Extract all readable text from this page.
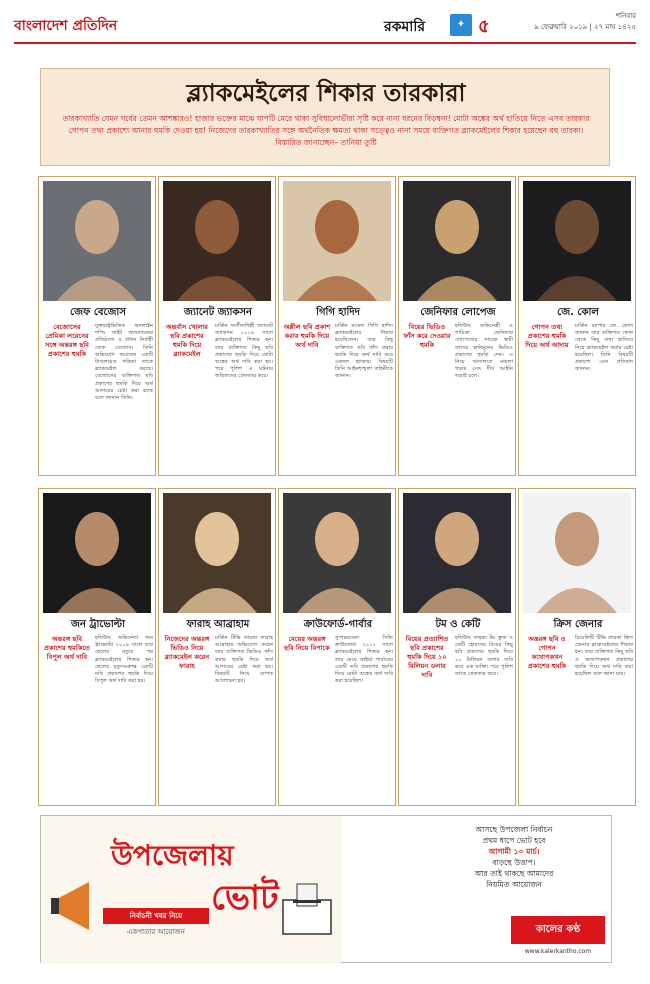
বাংলাদেশ প্রতিদিন	রকমারি	✦ ৫	শনিবার
৯ ফেব্রুয়ারি ২০১৯ | ২৭ মাঘ ১৪২৫
ব্ল্যাকমেইলের শিকার তারকারা
তারকাখ্যাতি যেমন গর্বের তেমন আশঙ্কারও! হাজার ভক্তের মাঝে ঘাপটি মেরে থাকা সুবিধালোভীরা সৃষ্টি করে নানা ধরনের বিড়ম্বনা! মোটা অঙ্কের অর্থ হাতিয়ে নিতে এসব তারকার গোপন তথ্য প্রকাশ্যে আনার হুমকি দেওয়া হয়! নিজেদের তারকাখ্যাতির সঙ্গে অর্থনৈতিক ক্ষমতা থাকা সত্ত্বেও নানা সময়ে ব্যক্তিগত ব্ল্যাকমেইলের শিকার হয়েছেন বহু তারকা। বিস্তারিত জানাচ্ছেন– তানিয়া তুষ্টি
জেফ বেজোস
বেজোসের প্রেমিকা লরেনের সঙ্গে অন্তরঙ্গ ছবি প্রকাশের হুমকি
যুক্তরাষ্ট্রভিত্তিক অনলাইন শপিং সাইট অ্যামাজনের প্রতিষ্ঠাতা ও প্রধান নির্বাহী জেফ বেজোস। তিনি অভিযোগ করেছেন একটি ট্যাবলয়েড পত্রিকা তাকে ব্ল্যাকমেইল করছে। বেজোসের ব্যক্তিগত ছবি প্রকাশের হুমকি দিয়ে অর্থ আদায়ের চেষ্টা করা হচ্ছে বলে জানান তিনি।
জ্যানেট জ্যাকসন
অন্তর্বাস খোলার ছবি প্রকাশের হুমকি দিয়ে ব্ল্যাকমেইল
মার্কিন সংগীতশিল্পী জ্যানেট জ্যাকসন ২০১৪ সালে ব্ল্যাকমেইলের শিকার হন। তার ব্যক্তিগত কিছু ছবি প্রকাশের হুমকি দিয়ে মোটা অঙ্কের অর্থ দাবি করা হয়। পরে পুলিশ এ ঘটনায় জড়িতদের গ্রেফতার করে।
গিগি হাদিদ
অশ্লীল ছবি প্রকাশ করার হুমকি দিয়ে অর্থ দাবি
মার্কিন মডেল গিগি হাদিদ ব্ল্যাকমেইলের শিকার হয়েছিলেন। তার কিছু ব্যক্তিগত ছবি ফাঁস করার হুমকি দিয়ে অর্থ দাবি করে একদল হ্যাকার। বিষয়টি তিনি আইনশৃঙ্খলা বাহিনীকে জানান।
জেনিফার লোপেজ
বিয়ের ভিডিও ফাঁস করে দেওয়ার হুমকি
হলিউড অভিনেত্রী ও গায়িকা জেনিফার লোপেজের সাবেক স্বামী তাদের হানিমুনের ভিডিও প্রকাশের হুমকি দেন। এ নিয়ে আদালতে মামলা গড়ায় এবং দীর্ঘ আইনি লড়াই চলে।
জে. কোল
গোপন তথ্য প্রকাশের হুমকি দিয়ে অর্থ আদায়
মার্কিন র‌্যাপার জে. কোল জানান তার ব্যক্তিগত ফোন থেকে কিছু তথ্য হাতিয়ে নিয়ে ব্ল্যাকমেইল করার চেষ্টা হয়েছিল। তিনি বিষয়টি প্রকাশ্যে এনে প্রতিবাদ জানান।
জন ট্রাভোল্টা
অন্তরঙ্গ ছবি প্রকাশের হুমকিতে বিপুল অর্থ দাবি
হলিউড অভিনেতা জন ট্রাভোল্টা ২০০৯ সালে তার ছেলের মৃত্যুর পর ব্ল্যাকমেইলের শিকার হন। ছেলের মৃত্যুসংক্রান্ত একটি নথি প্রকাশের হুমকি দিয়ে বিপুল অর্থ দাবি করা হয়।
ফারাহ আব্রাহাম
নিজেদের অন্তরঙ্গ ভিডিও নিয়ে ব্ল্যাকমেইল করেন ফারাহ
মার্কিন টিভি তারকা ফারাহ আব্রাহাম অভিযোগ করেন তার ব্যক্তিগত ভিডিও ফাঁস করার হুমকি দিয়ে অর্থ আদায়ের চেষ্টা করা হয়। বিষয়টি নিয়ে ব্যাপক আলোচনা হয়।
ক্রাউফোর্ড-গার্বার
মেয়ের অন্তরঙ্গ ছবি নিয়ে বিপাকে
সুপারমডেল সিন্ডি ক্রাউফোর্ড ২০১১ সালে ব্ল্যাকমেইলের শিকার হন। তার মেয়ে কাইয়া গার্বারের একটি ছবি প্রকাশের হুমকি দিয়ে মোটা অঙ্কের অর্থ দাবি করা হয়েছিল।
টম ও কেটি
বিয়ের প্রত্যাশিত ছবি প্রকাশের হুমকি দিয়ে ১০ মিলিয়ন ডলার দাবি
হলিউড তারকা টম ক্রুজ ও কেটি হোমসের বিয়ের কিছু ছবি প্রকাশের হুমকি দিয়ে ১০ মিলিয়ন ডলার দাবি করে এক ব্যক্তি। পরে পুলিশ তাকে গ্রেফতার করে।
ক্রিস জেনার
অন্তরঙ্গ ছবি ও গোপন কথোপকথন প্রকাশের হুমকি
রিয়েলিটি টিভি তারকা ক্রিস জেনার ব্ল্যাকমেইলের শিকার হন। তার ব্যক্তিগত কিছু ছবি ও কথোপকথন প্রকাশের হুমকি দিয়ে অর্থ দাবি করা হয়েছিল বলে জানা যায়।
উপজেলায়
ভোট
নির্বাচনী খবর নিয়ে
একপাতার আয়োজন
আসছে উপজেলা নির্বাচন
প্রথম ধাপে ভোট হবে
আগামী ১০ মার্চ।
বাড়ছে উত্তাপ।
আর তাই থাকছে আমাদের
নিয়মিত আয়োজন
কালের কণ্ঠ
www.kalerkantho.com
